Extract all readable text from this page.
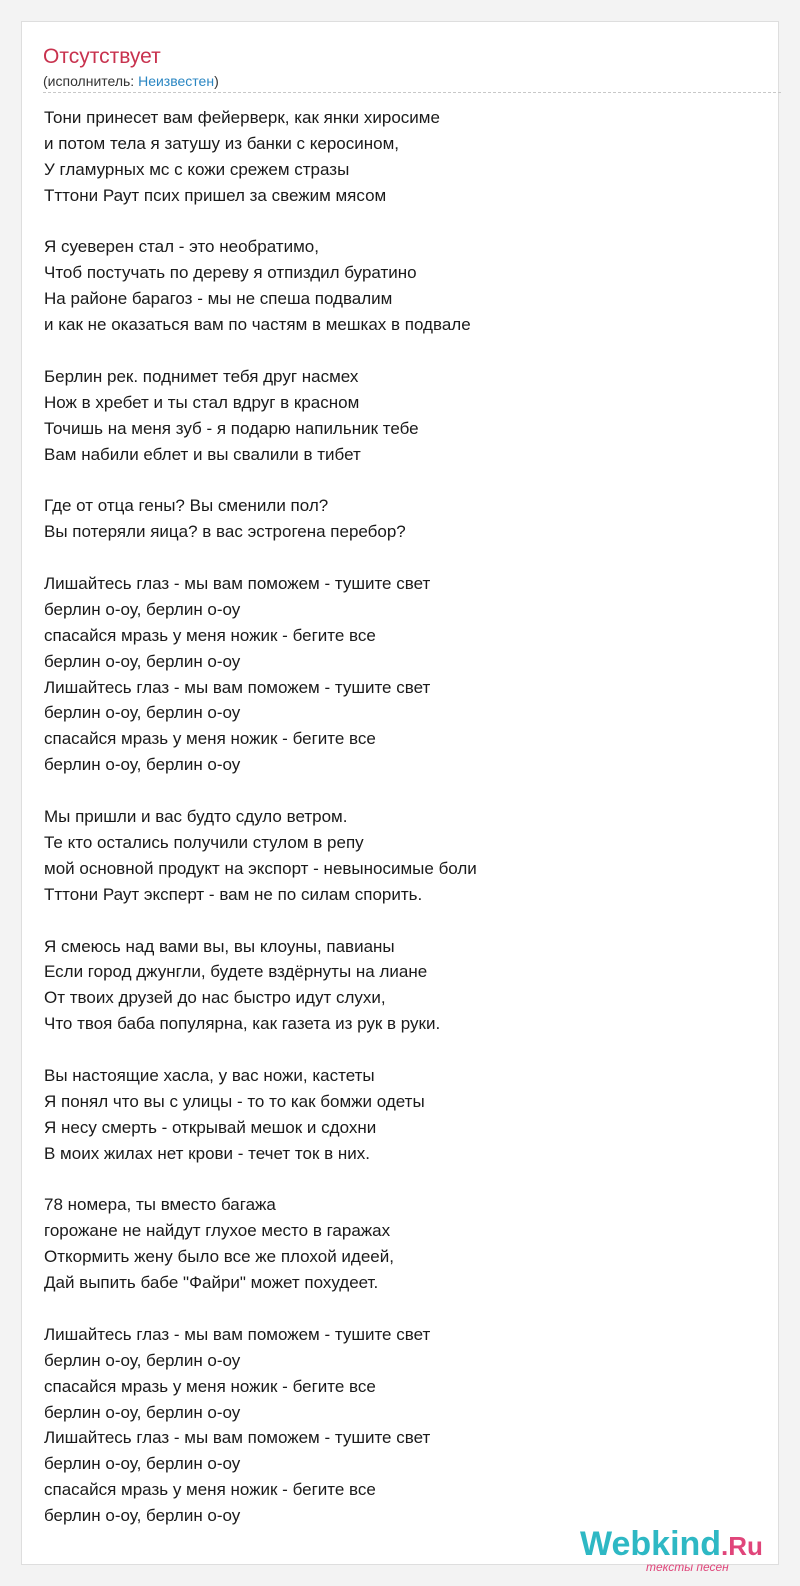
Отсутствует
(исполнитель: Неизвестен)
Тони принесет вам фейерверк, как янки хиросиме
и потом тела я затушу из банки с керосином,
У гламурных мс с кожи срежем стразы
Тттони Раут псих пришел за свежим мясом
Я суеверен стал - это необратимо,
Чтоб постучать по дереву я отпиздил буратино
На районе барагоз - мы не спеша подвалим
и как не оказаться вам по частям в мешках в подвале
Берлин рек. поднимет тебя друг насмех
Нож в хребет и ты стал вдруг в красном
Точишь на меня зуб - я подарю напильник тебе
Вам набили еблет и вы свалили в тибет
Где от отца гены? Вы сменили пол?
Вы потеряли яица? в вас эстрогена перебор?
Лишайтесь глаз - мы вам поможем - тушите свет
берлин о-оу, берлин о-оу
спасайся мразь у меня ножик - бегите все
берлин о-оу, берлин о-оу
Лишайтесь глаз - мы вам поможем - тушите свет
берлин о-оу, берлин о-оу
спасайся мразь у меня ножик - бегите все
берлин о-оу, берлин о-оу
Мы пришли и вас будто сдуло ветром.
Те кто остались получили стулом в репу
мой основной продукт на экспорт - невыносимые боли
Тттони Раут эксперт - вам не по силам спорить.
Я смеюсь над вами вы, вы клоуны, павианы
Если город джунгли, будете вздёрнуты на лиане
От твоих друзей до нас быстро идут слухи,
Что твоя баба популярна, как газета из рук в руки.
Вы настоящие хасла, у вас ножи, кастеты
Я понял что вы с улицы - то то как бомжи одеты
Я несу смерть - открывай мешок и сдохни
В моих жилах нет крови - течет ток в них.
78 номера, ты вместо багажа
горожане не найдут глухое место в гаражах
Откормить жену было все же плохой идеей,
Дай выпить бабе "Файри" может похудеет.
Лишайтесь глаз - мы вам поможем - тушите свет
берлин о-оу, берлин о-оу
спасайся мразь у меня ножик - бегите все
берлин о-оу, берлин о-оу
Лишайтесь глаз - мы вам поможем - тушите свет
берлин о-оу, берлин о-оу
спасайся мразь у меня ножик - бегите все
берлин о-оу, берлин о-оу
Webkind.Ru
тексты песен
